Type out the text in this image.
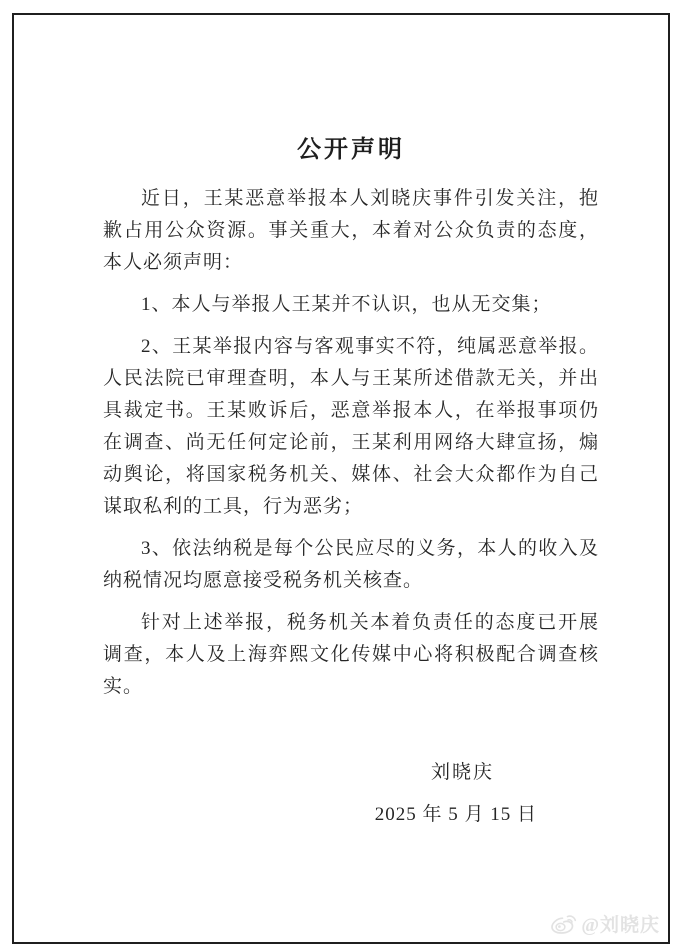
公开声明

近日，王某恶意举报本人刘晓庆事件引发关注，抱歉占用公众资源。事关重大，本着对公众负责的态度，本人必须声明：

1、本人与举报人王某并不认识，也从无交集；

2、王某举报内容与客观事实不符，纯属恶意举报。人民法院已审理查明，本人与王某所述借款无关，并出具裁定书。王某败诉后，恶意举报本人，在举报事项仍在调查、尚无任何定论前，王某利用网络大肆宣扬，煽动舆论，将国家税务机关、媒体、社会大众都作为自己谋取私利的工具，行为恶劣；

3、依法纳税是每个公民应尽的义务，本人的收入及纳税情况均愿意接受税务机关核查。

针对上述举报，税务机关本着负责任的态度已开展调查，本人及上海弈熙文化传媒中心将积极配合调查核实。

刘晓庆
2025 年 5 月 15 日
@刘晓庆
